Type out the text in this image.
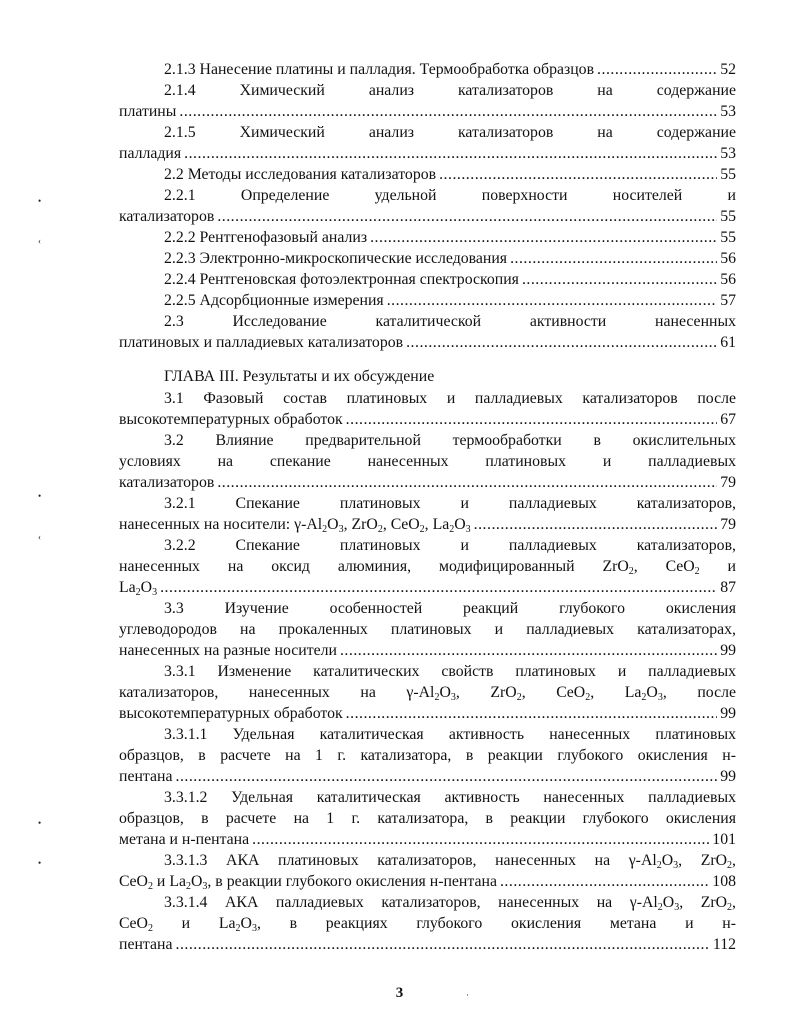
2.1.3 Нанесение платины и палладия. Термообработка образцов .....	52
2.1.4 Химический анализ катализаторов на содержание
платины .....	53
2.1.5 Химический анализ катализаторов на содержание
палладия .....	53
2.2 Методы исследования катализаторов .....	55
2.2.1 Определение удельной поверхности носителей и
катализаторов .....	55
2.2.2 Рентгенофазовый анализ .....	55
2.2.3 Электронно-микроскопические исследования .....	56
2.2.4 Рентгеновская фотоэлектронная спектроскопия .....	56
2.2.5 Адсорбционные измерения .....	57
2.3 Исследование каталитической активности нанесенных
платиновых и палладиевых катализаторов .....	61
ГЛАВА III. Результаты и их обсуждение
3.1 Фазовый состав платиновых и палладиевых катализаторов после
высокотемпературных обработок .....	67
3.2 Влияние предварительной термообработки в окислительных
условиях на спекание нанесенных платиновых и палладиевых
катализаторов .....	79
3.2.1 Спекание платиновых и палладиевых катализаторов,
нанесенных на носители: $\gamma-Al_2O_3$, ZrO$_2$, CeO$_2$, $La_2O_3$ .....	79
3.2.2 Спекание платиновых и палладиевых катализаторов,
нанесенных на оксид алюминия, модифицированный ZrO$_2$, CeO$_2$ и
$La_2O_3$ .....	87
3.3 Изучение особенностей реакций глубокого окисления
углеводородов на прокаленных платиновых и палладиевых катализаторах,
нанесенных на разные носители .....	99
3.3.1 Изменение каталитических свойств платиновых и палладиевых
катализаторов, нанесенных на $\gamma-Al_2O_3$, ZrO$_2$, CeO$_2$, $La_2O_3$, после
высокотемпературных обработок .....	99
3.3.1.1 Удельная каталитическая активность нанесенных платиновых
образцов, в расчете на 1 г. катализатора, в реакции глубокого окисления н-
пентана .....	99
3.3.1.2 Удельная каталитическая активность нанесенных палладиевых
образцов, в расчете на 1 г. катализатора, в реакции глубокого окисления
метана и н-пентана .....	101
3.3.1.3 АКА платиновых катализаторов, нанесенных на $\gamma-Al_2O_3$, ZrO$_2$,
CeO$_2$ и $La_2O_3$, в реакции глубокого окисления н-пентана .....	108
3.3.1.4 АКА палладиевых катализаторов, нанесенных на $\gamma-Al_2O_3$, ZrO$_2$,
CeO$_2$ и $La_2O_3$, в реакциях глубокого окисления метана и н-
пентана .....	112
•
‹
•
‹
•
•
·
3
